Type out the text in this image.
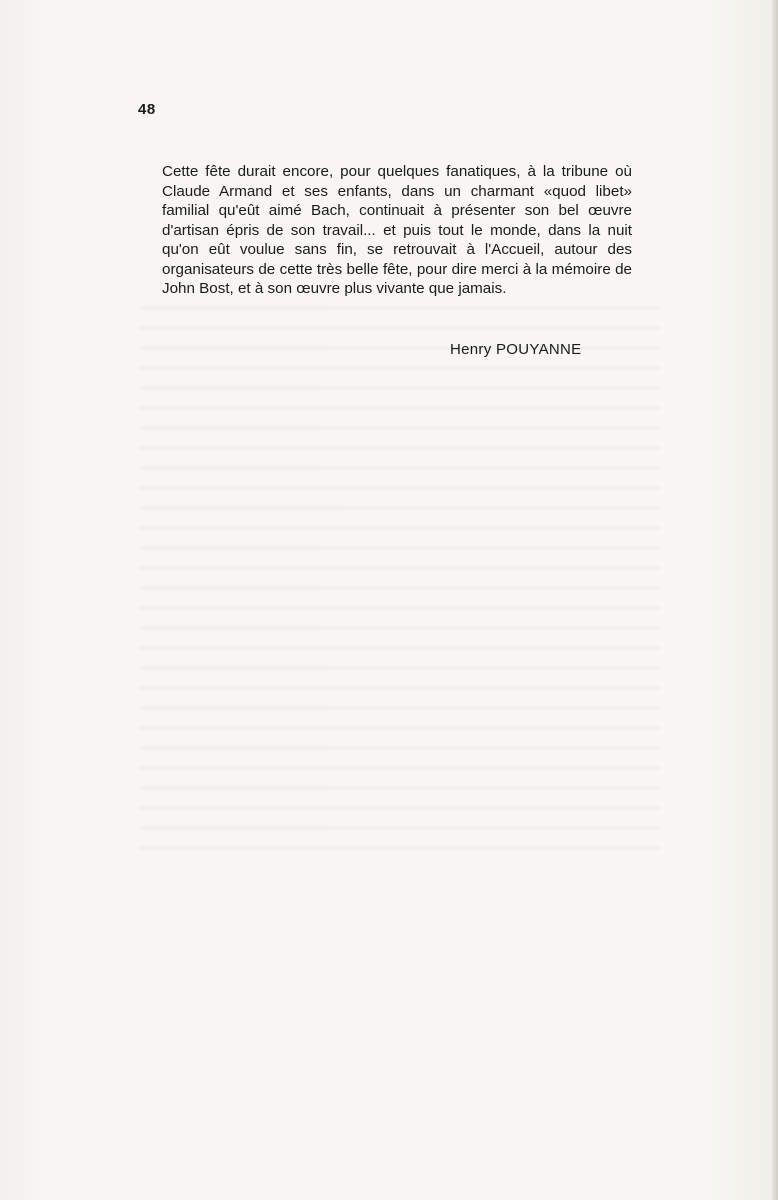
48

Cette fête durait encore, pour quelques fanatiques, à la tribune où Claude Armand et ses enfants, dans un charmant «quod libet» familial qu'eût aimé Bach, continuait à présenter son bel œuvre d'artisan épris de son travail... et puis tout le monde, dans la nuit qu'on eût voulue sans fin, se retrouvait à l'Accueil, autour des organisateurs de cette très belle fête, pour dire merci à la mémoire de John Bost, et à son œuvre plus vivante que jamais.

Henry POUYANNE
